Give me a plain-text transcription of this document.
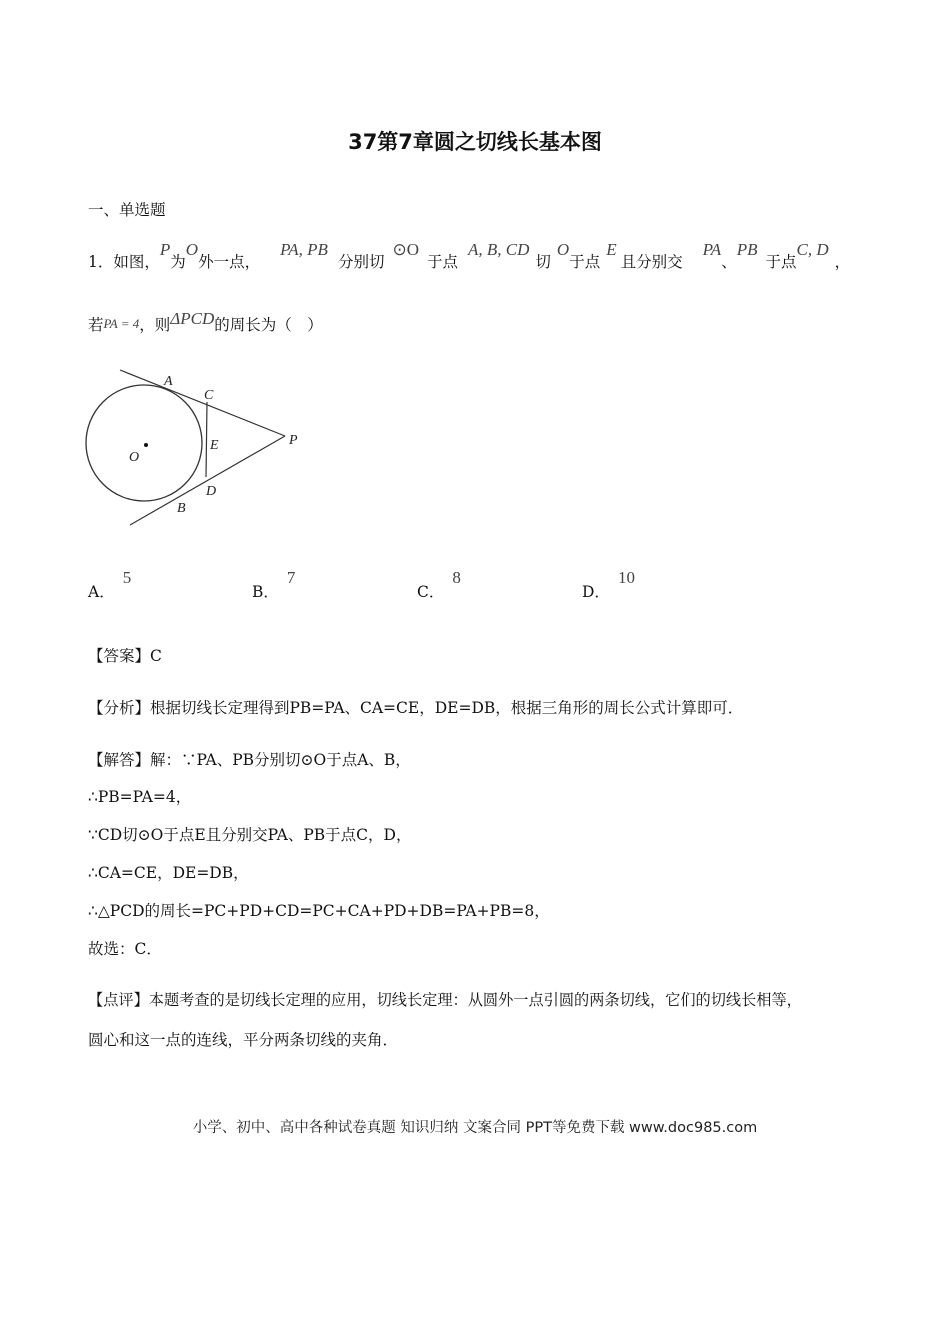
37第7章圆之切线长基本图
一、单选题
1．如图，P为O外一点，PA, PB分别切⊙O于点A, B, CD切O于点E且分别交PA、PB于点C, D，
若PA = 4，则ΔPCD的周长为（　）
A
C
E	P
O
D
B
A．5
B．7
C．8
D．10
【答案】C
【分析】根据切线长定理得到PB=PA、CA=CE，DE=DB，根据三角形的周长公式计算即可．
【解答】解：∵PA、PB分别切⊙O于点A、B，
∴PB=PA=4，
∵CD切⊙O于点E且分别交PA、PB于点C，D，
∴CA=CE，DE=DB，
∴△PCD的周长=PC+PD+CD=PC+CA+PD+DB=PA+PB=8，
故选：C．
【点评】本题考查的是切线长定理的应用，切线长定理：从圆外一点引圆的两条切线，它们的切线长相等，
圆心和这一点的连线，平分两条切线的夹角．
小学、初中、高中各种试卷真题 知识归纳 文案合同 PPT等免费下载 www.doc985.com
